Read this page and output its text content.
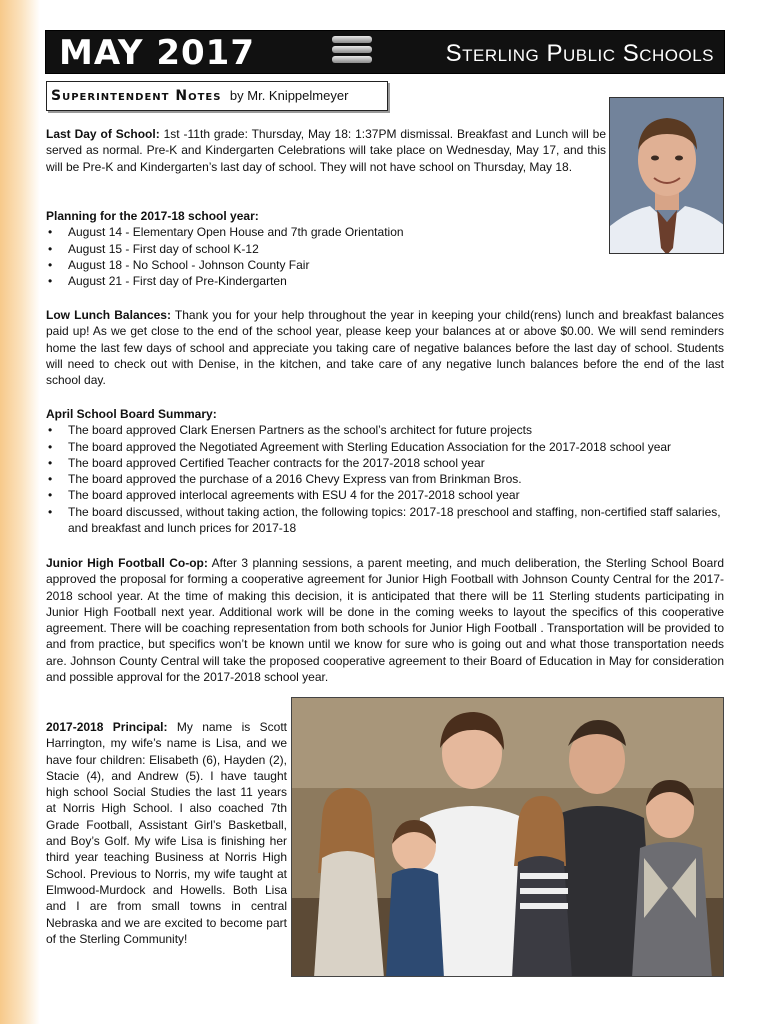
MAY 2017	Sterling Public Schools
Superintendent Notes by Mr. Knippelmeyer
Last Day of School: 1st -11th grade: Thursday, May 18: 1:37PM dismissal. Breakfast and Lunch will be served as normal. Pre-K and Kindergarten Celebrations will take place on Wednesday, May 17, and this will be Pre-K and Kindergarten’s last day of school. They will not have school on Thursday, May 18.
Planning for the 2017-18 school year:
• August 14 - Elementary Open House and 7th grade Orientation
• August 15 - First day of school K-12
• August 18 - No School - Johnson County Fair
• August 21 - First day of Pre-Kindergarten
Low Lunch Balances: Thank you for your help throughout the year in keeping your child(rens) lunch and breakfast balances paid up! As we get close to the end of the school year, please keep your balances at or above $0.00. We will send reminders home the last few days of school and appreciate you taking care of negative balances before the last day of school. Students will need to check out with Denise, in the kitchen, and take care of any negative lunch balances before the end of the last school day.
April School Board Summary:
• The board approved Clark Enersen Partners as the school’s architect for future projects
• The board approved the Negotiated Agreement with Sterling Education Association for the 2017-2018 school year
• The board approved Certified Teacher contracts for the 2017-2018 school year
• The board approved the purchase of a 2016 Chevy Express van from Brinkman Bros.
• The board approved interlocal agreements with ESU 4 for the 2017-2018 school year
• The board discussed, without taking action, the following topics: 2017-18 preschool and staffing, non-certified staff salaries, and breakfast and lunch prices for 2017-18
Junior High Football Co-op: After 3 planning sessions, a parent meeting, and much deliberation, the Sterling School Board approved the proposal for forming a cooperative agreement for Junior High Football with Johnson County Central for the 2017-2018 school year. At the time of making this decision, it is anticipated that there will be 11 Sterling students participating in Junior High Football next year. Additional work will be done in the coming weeks to layout the specifics of this cooperative agreement. There will be coaching representation from both schools for Junior High Football . Transportation will be provided to and from practice, but specifics won’t be known until we know for sure who is going out and what those transportation needs are. Johnson County Central will take the proposed cooperative agreement to their Board of Education in May for consideration and possible approval for the 2017-2018 school year.
2017-2018 Principal: My name is Scott Harrington, my wife’s name is Lisa, and we have four children: Elisabeth (6), Hayden (2), Stacie (4), and Andrew (5). I have taught high school Social Studies the last 11 years at Norris High School. I also coached 7th Grade Football, Assistant Girl’s Basketball, and Boy’s Golf. My wife Lisa is finishing her third year teaching Business at Norris High School. Previous to Norris, my wife taught at Elmwood-Murdock and Howells. Both Lisa and I are from small towns in central Nebraska and we are excited to become part of the Sterling Community!
